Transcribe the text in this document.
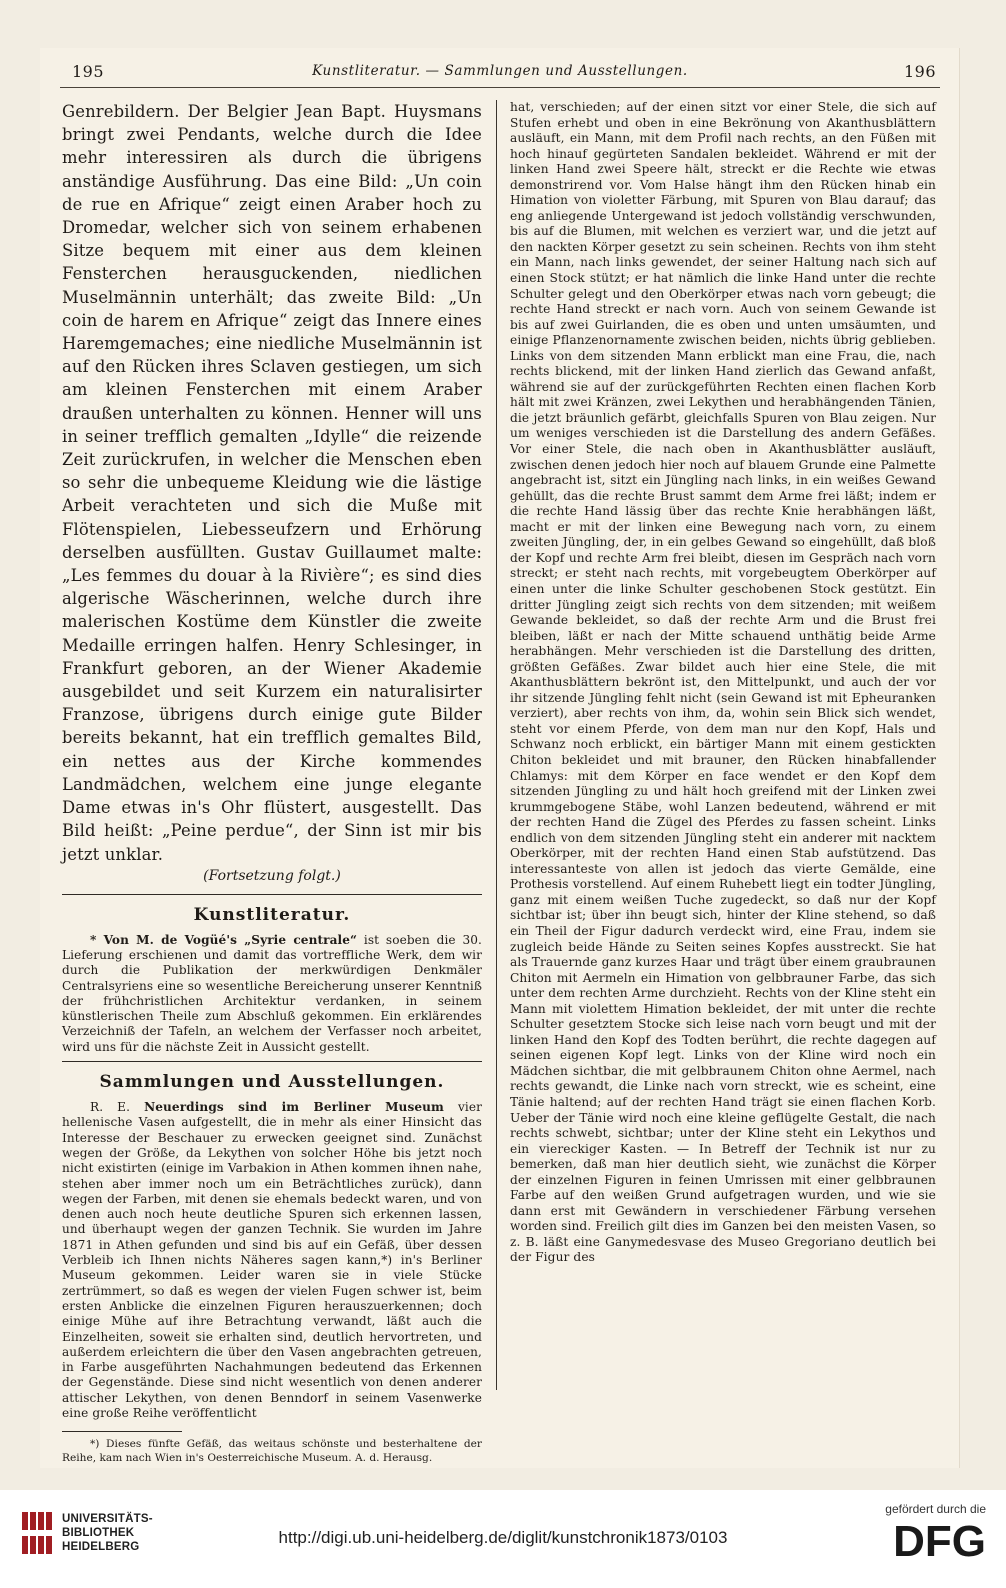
195	Kunstliteratur. — Sammlungen und Ausstellungen.	196

Genrebildern. Der Belgier Jean Bapt. Huysmans bringt zwei Pendants, welche durch die Idee mehr interessiren als durch die übrigens anständige Ausführung. Das eine Bild: „Un coin de rue en Afrique“ zeigt einen Araber hoch zu Dromedar, welcher sich von seinem erhabenen Sitze bequem mit einer aus dem kleinen Fensterchen herausguckenden, niedlichen Muselmännin unterhält; das zweite Bild: „Un coin de harem en Afrique“ zeigt das Innere eines Haremgemaches; eine niedliche Muselmännin ist auf den Rücken ihres Sclaven gestiegen, um sich am kleinen Fensterchen mit einem Araber draußen unterhalten zu können. Henner will uns in seiner trefflich gemalten „Idylle“ die reizende Zeit zurückrufen, in welcher die Menschen eben so sehr die unbequeme Kleidung wie die lästige Arbeit verachteten und sich die Muße mit Flötenspielen, Liebesseufzern und Erhörung derselben ausfüllten. Gustav Guillaumet malte: „Les femmes du douar à la Rivière“; es sind dies algerische Wäscherinnen, welche durch ihre malerischen Kostüme dem Künstler die zweite Medaille erringen halfen. Henry Schlesinger, in Frankfurt geboren, an der Wiener Akademie ausgebildet und seit Kurzem ein naturalisirter Franzose, übrigens durch einige gute Bilder bereits bekannt, hat ein trefflich gemaltes Bild, ein nettes aus der Kirche kommendes Landmädchen, welchem eine junge elegante Dame etwas in's Ohr flüstert, ausgestellt. Das Bild heißt: „Peine perdue“, der Sinn ist mir bis jetzt unklar.

(Fortsetzung folgt.)

Kunstliteratur.

* Von M. de Vogüé's „Syrie centrale“ ist soeben die 30. Lieferung erschienen und damit das vortreffliche Werk, dem wir durch die Publikation der merkwürdigen Denkmäler Centralsyriens eine so wesentliche Bereicherung unserer Kenntniß der frühchristlichen Architektur verdanken, in seinem künstlerischen Theile zum Abschluß gekommen. Ein erklärendes Verzeichniß der Tafeln, an welchem der Verfasser noch arbeitet, wird uns für die nächste Zeit in Aussicht gestellt.

Sammlungen und Ausstellungen.

R. E. Neuerdings sind im Berliner Museum vier hellenische Vasen aufgestellt, die in mehr als einer Hinsicht das Interesse der Beschauer zu erwecken geeignet sind. Zunächst wegen der Größe, da Lekythen von solcher Höhe bis jetzt noch nicht existirten (einige im Varbakion in Athen kommen ihnen nahe, stehen aber immer noch um ein Beträchtliches zurück), dann wegen der Farben, mit denen sie ehemals bedeckt waren, und von denen auch noch heute deutliche Spuren sich erkennen lassen, und überhaupt wegen der ganzen Technik. Sie wurden im Jahre 1871 in Athen gefunden und sind bis auf ein Gefäß, über dessen Verbleib ich Ihnen nichts Näheres sagen kann,*) in's Berliner Museum gekommen. Leider waren sie in viele Stücke zertrümmert, so daß es wegen der vielen Fugen schwer ist, beim ersten Anblicke die einzelnen Figuren herauszuerkennen; doch einige Mühe auf ihre Betrachtung verwandt, läßt auch die Einzelheiten, soweit sie erhalten sind, deutlich hervortreten, und außerdem erleichtern die über den Vasen angebrachten getreuen, in Farbe ausgeführten Nachahmungen bedeutend das Erkennen der Gegenstände. Diese sind nicht wesentlich von denen anderer attischer Lekythen, von denen Benndorf in seinem Vasenwerke eine große Reihe veröffentlicht

*) Dieses fünfte Gefäß, das weitaus schönste und besterhaltene der Reihe, kam nach Wien in's Oesterreichische Museum. A. d. Herausg.

hat, verschieden; auf der einen sitzt vor einer Stele, die sich auf Stufen erhebt und oben in eine Bekrönung von Akanthusblättern ausläuft, ein Mann, mit dem Profil nach rechts, an den Füßen mit hoch hinauf gegürteten Sandalen bekleidet. Während er mit der linken Hand zwei Speere hält, streckt er die Rechte wie etwas demonstrirend vor. Vom Halse hängt ihm den Rücken hinab ein Himation von violetter Färbung, mit Spuren von Blau darauf; das eng anliegende Untergewand ist jedoch vollständig verschwunden, bis auf die Blumen, mit welchen es verziert war, und die jetzt auf den nackten Körper gesetzt zu sein scheinen. Rechts von ihm steht ein Mann, nach links gewendet, der seiner Haltung nach sich auf einen Stock stützt; er hat nämlich die linke Hand unter die rechte Schulter gelegt und den Oberkörper etwas nach vorn gebeugt; die rechte Hand streckt er nach vorn. Auch von seinem Gewande ist bis auf zwei Guirlanden, die es oben und unten umsäumten, und einige Pflanzenornamente zwischen beiden, nichts übrig geblieben. Links von dem sitzenden Mann erblickt man eine Frau, die, nach rechts blickend, mit der linken Hand zierlich das Gewand anfaßt, während sie auf der zurückgeführten Rechten einen flachen Korb hält mit zwei Kränzen, zwei Lekythen und herabhängenden Tänien, die jetzt bräunlich gefärbt, gleichfalls Spuren von Blau zeigen. Nur um weniges verschieden ist die Darstellung des andern Gefäßes. Vor einer Stele, die nach oben in Akanthusblätter ausläuft, zwischen denen jedoch hier noch auf blauem Grunde eine Palmette angebracht ist, sitzt ein Jüngling nach links, in ein weißes Gewand gehüllt, das die rechte Brust sammt dem Arme frei läßt; indem er die rechte Hand lässig über das rechte Knie herabhängen läßt, macht er mit der linken eine Bewegung nach vorn, zu einem zweiten Jüngling, der, in ein gelbes Gewand so eingehüllt, daß bloß der Kopf und rechte Arm frei bleibt, diesen im Gespräch nach vorn streckt; er steht nach rechts, mit vorgebeugtem Oberkörper auf einen unter die linke Schulter geschobenen Stock gestützt. Ein dritter Jüngling zeigt sich rechts von dem sitzenden; mit weißem Gewande bekleidet, so daß der rechte Arm und die Brust frei bleiben, läßt er nach der Mitte schauend unthätig beide Arme herabhängen. Mehr verschieden ist die Darstellung des dritten, größten Gefäßes. Zwar bildet auch hier eine Stele, die mit Akanthusblättern bekrönt ist, den Mittelpunkt, und auch der vor ihr sitzende Jüngling fehlt nicht (sein Gewand ist mit Epheuranken verziert), aber rechts von ihm, da, wohin sein Blick sich wendet, steht vor einem Pferde, von dem man nur den Kopf, Hals und Schwanz noch erblickt, ein bärtiger Mann mit einem gestickten Chiton bekleidet und mit brauner, den Rücken hinabfallender Chlamys: mit dem Körper en face wendet er den Kopf dem sitzenden Jüngling zu und hält hoch greifend mit der Linken zwei krummgebogene Stäbe, wohl Lanzen bedeutend, während er mit der rechten Hand die Zügel des Pferdes zu fassen scheint. Links endlich von dem sitzenden Jüngling steht ein anderer mit nacktem Oberkörper, mit der rechten Hand einen Stab aufstützend. Das interessanteste von allen ist jedoch das vierte Gemälde, eine Prothesis vorstellend. Auf einem Ruhebett liegt ein todter Jüngling, ganz mit einem weißen Tuche zugedeckt, so daß nur der Kopf sichtbar ist; über ihn beugt sich, hinter der Kline stehend, so daß ein Theil der Figur dadurch verdeckt wird, eine Frau, indem sie zugleich beide Hände zu Seiten seines Kopfes ausstreckt. Sie hat als Trauernde ganz kurzes Haar und trägt über einem graubraunen Chiton mit Aermeln ein Himation von gelbbrauner Farbe, das sich unter dem rechten Arme durchzieht. Rechts von der Kline steht ein Mann mit violettem Himation bekleidet, der mit unter die rechte Schulter gesetztem Stocke sich leise nach vorn beugt und mit der linken Hand den Kopf des Todten berührt, die rechte dagegen auf seinen eigenen Kopf legt. Links von der Kline wird noch ein Mädchen sichtbar, die mit gelbbraunem Chiton ohne Aermel, nach rechts gewandt, die Linke nach vorn streckt, wie es scheint, eine Tänie haltend; auf der rechten Hand trägt sie einen flachen Korb. Ueber der Tänie wird noch eine kleine geflügelte Gestalt, die nach rechts schwebt, sichtbar; unter der Kline steht ein Lekythos und ein viereckiger Kasten. — In Betreff der Technik ist nur zu bemerken, daß man hier deutlich sieht, wie zunächst die Körper der einzelnen Figuren in feinen Umrissen mit einer gelbbraunen Farbe auf den weißen Grund aufgetragen wurden, und wie sie dann erst mit Gewändern in verschiedener Färbung versehen worden sind. Freilich gilt dies im Ganzen bei den meisten Vasen, so z. B. läßt eine Ganymedesvase des Museo Gregoriano deutlich bei der Figur des

UNIVERSITÄTS-
BIBLIOTHEK
HEIDELBERG	http://digi.ub.uni-heidelberg.de/diglit/kunstchronik1873/0103
gefördert durch die
DFG
